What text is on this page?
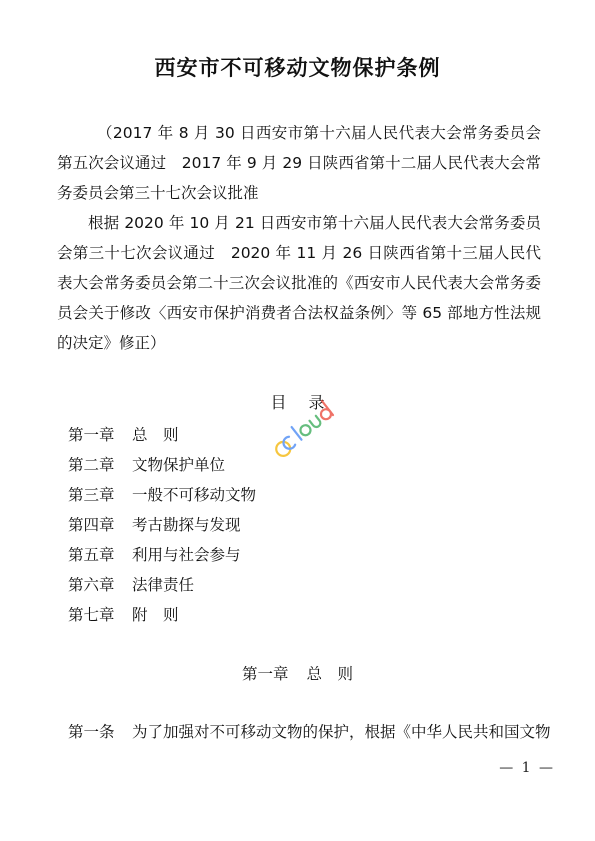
西安市不可移动文物保护条例

（2017 年 8 月 30 日西安市第十六届人民代表大会常务委员会第五次会议通过　2017 年 9 月 29 日陕西省第十二届人民代表大会常务委员会第三十七次会议批准

根据 2020 年 10 月 21 日西安市第十六届人民代表大会常务委员会第三十七次会议通过　2020 年 11 月 26 日陕西省第十三届人民代表大会常务委员会第二十三次会议批准的《西安市人民代表大会常务委员会关于修改〈西安市保护消费者合法权益条例〉等 65 部地方性法规的决定》修正）

目录
第一章 总　则
第二章 文物保护单位
第三章 一般不可移动文物
第四章 考古勘探与发现
第五章 利用与社会参与
第六章 法律责任
第七章 附　则
第一章 总　则
第一条 为了加强对不可移动文物的保护，根据《中华人民共和国文物
— 1 —
